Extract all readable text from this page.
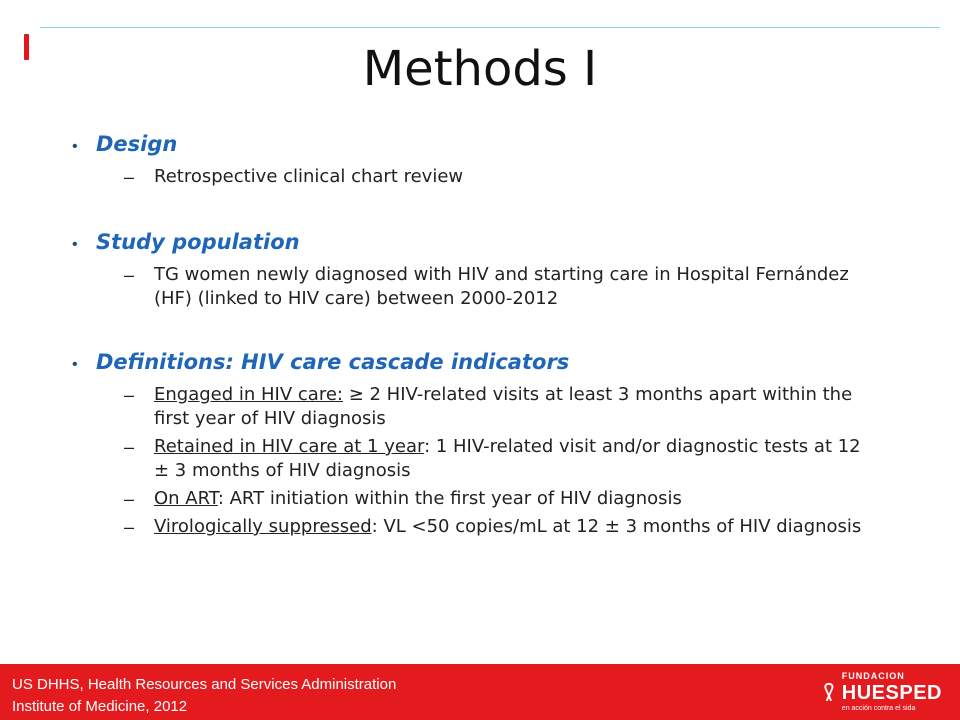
Methods I
• Design
–	Retrospective clinical chart review
• Study population
–	TG women newly diagnosed with HIV and starting care in Hospital Fernández (HF) (linked to HIV care) between 2000-2012
• Definitions: HIV care cascade indicators
–	Engaged in HIV care: ≥ 2 HIV-related visits at least 3 months apart within the first year of HIV diagnosis
–	Retained in HIV care at 1 year: 1 HIV-related visit and/or diagnostic tests at 12 ± 3 months of HIV diagnosis
–	On ART: ART initiation within the first year of HIV diagnosis
–	Virologically suppressed: VL <50 copies/mL at 12 ± 3 months of HIV diagnosis
US DHHS, Health Resources and Services Administration
Institute of Medicine, 2012
FUNDACION
HUESPED
en acción contra el sida
